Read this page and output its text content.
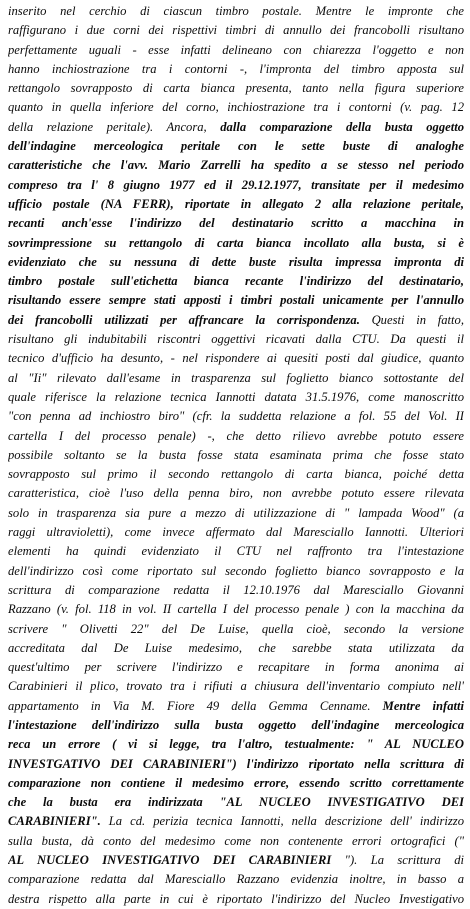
inserito nel cerchio di ciascun timbro postale. Mentre le impronte che
raffigurano i due corni dei rispettivi timbri di annullo dei francobolli risultano
perfettamente uguali - esse infatti delineano con chiarezza l'oggetto e non
hanno inchiostrazione tra i contorni -, l'impronta del timbro apposta sul
rettangolo sovrapposto di carta bianca presenta, tanto nella figura superiore
quanto in quella inferiore del corno, inchiostrazione tra i contorni (v. pag. 12
della relazione peritale). Ancora, dalla comparazione della busta oggetto
dell'indagine merceologica peritale con le sette buste di analoghe
caratteristiche che l'avv. Mario Zarrelli ha spedito a se stesso nel periodo
compreso tra l' 8 giugno 1977 ed il 29.12.1977, transitate per il medesimo
ufficio postale (NA FERR), riportate in allegato 2 alla relazione peritale,
recanti anch'esse l'indirizzo del destinatario scritto a macchina in
sovrimpressione su rettangolo di carta bianca incollato alla busta, si è
evidenziato che su nessuna di dette buste risulta impressa impronta di
timbro postale sull'etichetta bianca recante l'indirizzo del destinatario,
risultando essere sempre stati apposti i timbri postali unicamente per l'annullo
dei francobolli utilizzati per affrancare la corrispondenza. Questi in fatto,
risultano gli indubitabili riscontri oggettivi ricavati dalla CTU. Da questi il
tecnico d'ufficio ha desunto, - nel rispondere ai quesiti posti dal giudice, quanto
al "Ii" rilevato dall'esame in trasparenza sul foglietto bianco sottostante del
quale riferisce la relazione tecnica Iannotti datata 31.5.1976, come manoscritto
"con penna ad inchiostro biro" (cfr. la suddetta relazione a fol. 55 del Vol. II
cartella I del processo penale) -, che detto rilievo avrebbe potuto essere
possibile soltanto se la busta fosse stata esaminata prima che fosse stato
sovrapposto sul primo il secondo rettangolo di carta bianca, poiché detta
caratteristica, cioè l'uso della penna biro, non avrebbe potuto essere rilevata
solo in trasparenza sia pure a mezzo di utilizzazione di " lampada Wood" (a
raggi ultravioletti), come invece affermato dal Maresciallo Iannotti. Ulteriori
elementi ha quindi evidenziato il CTU nel raffronto tra l'intestazione
dell'indirizzo così come riportato sul secondo foglietto bianco sovrapposto e la
scrittura di comparazione redatta il 12.10.1976 dal Maresciallo Giovanni
Razzano (v. fol. 118 in vol. II cartella I del processo penale ) con la macchina da
scrivere " Olivetti 22" del De Luise, quella cioè, secondo la versione
accreditata dal De Luise medesimo, che sarebbe stata utilizzata da
quest'ultimo per scrivere l'indirizzo e recapitare in forma anonima ai
Carabinieri il plico, trovato tra i rifiuti a chiusura dell'inventario compiuto nell'
appartamento in Via M. Fiore 49 della Gemma Cenname. Mentre infatti
l'intestazione dell'indirizzo sulla busta oggetto dell'indagine merceologica
reca un errore ( vi si legge, tra l'altro, testualmente: " AL NUCLEO
INVESTGATIVO DEI CARABINIERI") l'indirizzo riportato nella scrittura di
comparazione non contiene il medesimo errore, essendo scritto correttamente
che la busta era indirizzata "AL NUCLEO INVESTIGATIVO DEI
CARABINIERI". La cd. perizia tecnica Iannotti, nella descrizione dell' indirizzo
sulla busta, dà conto del medesimo come non contenente errori ortografici ("
AL NUCLEO INVESTIGATIVO DEI CARABINIERI "). La scrittura di
comparazione redatta dal Maresciallo Razzano evidenzia inoltre, in basso a
destra rispetto alla parte in cui è riportato l'indirizzo del Nucleo Investigativo
